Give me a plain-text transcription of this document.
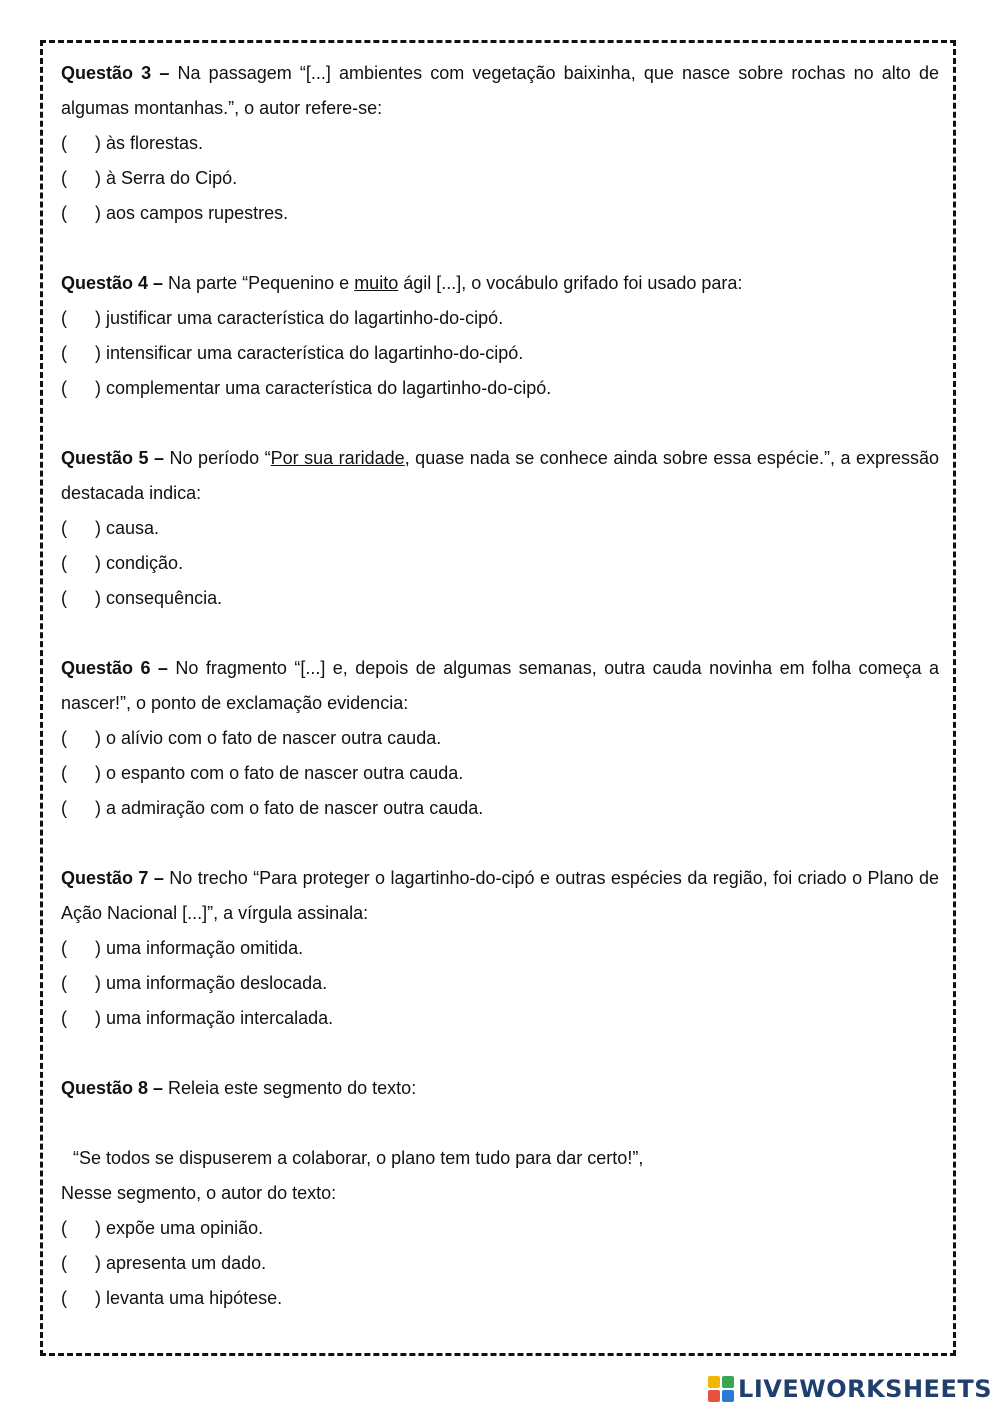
Questão 3 – Na passagem “[...] ambientes com vegetação baixinha, que nasce sobre rochas no alto de algumas montanhas.”, o autor refere-se:

( ) às florestas.
( ) à Serra do Cipó.
( ) aos campos rupestres.

Questão 4 – Na parte “Pequenino e muito ágil [...], o vocábulo grifado foi usado para:

( ) justificar uma característica do lagartinho-do-cipó.
( ) intensificar uma característica do lagartinho-do-cipó.
( ) complementar uma característica do lagartinho-do-cipó.

Questão 5 – No período “Por sua raridade, quase nada se conhece ainda sobre essa espécie.”, a expressão destacada indica:

( ) causa.
( ) condição.
( ) consequência.

Questão 6 – No fragmento “[...] e, depois de algumas semanas, outra cauda novinha em folha começa a nascer!”, o ponto de exclamação evidencia:

( ) o alívio com o fato de nascer outra cauda.
( ) o espanto com o fato de nascer outra cauda.
( ) a admiração com o fato de nascer outra cauda.

Questão 7 – No trecho “Para proteger o lagartinho-do-cipó e outras espécies da região, foi criado o Plano de Ação Nacional [...]”, a vírgula assinala:

( ) uma informação omitida.
( ) uma informação deslocada.
( ) uma informação intercalada.

Questão 8 – Releia este segmento do texto:

“Se todos se dispuserem a colaborar, o plano tem tudo para dar certo!”,

Nesse segmento, o autor do texto:

( ) expõe uma opinião.
( ) apresenta um dado.
( ) levanta uma hipótese.
LIVEWORKSHEETS
